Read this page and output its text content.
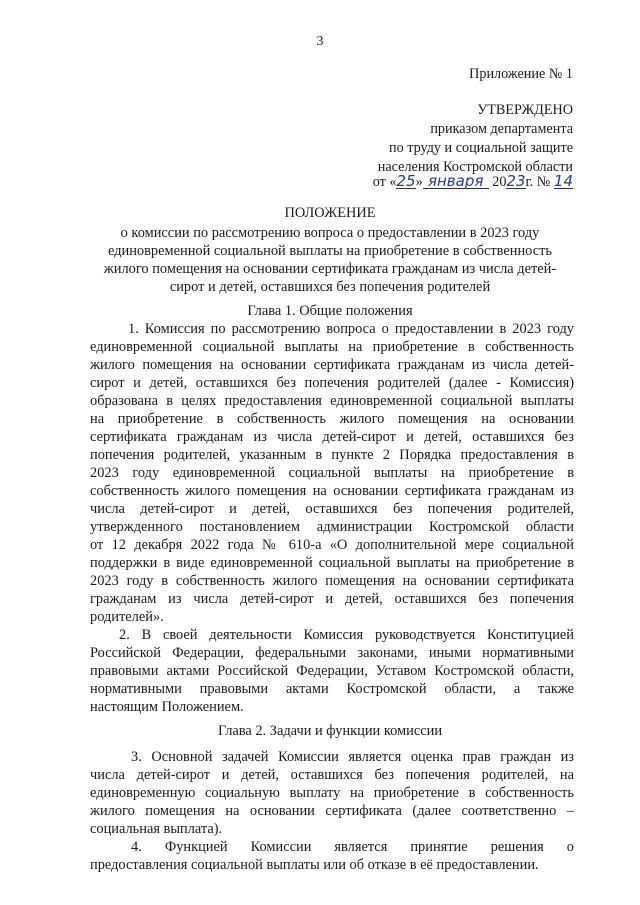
3
Приложение № 1
УТВЕРЖДЕНО
приказом департамента
по труду и социальной защите
населения Костромской области
от «25» января 2023г. № 14
ПОЛОЖЕНИЕ
о комиссии по рассмотрению вопроса о предоставлении в 2023 году
единовременной социальной выплаты на приобретение в собственность
жилого помещения на основании сертификата гражданам из числа детей-
сирот и детей, оставшихся без попечения родителей
Глава 1. Общие положения
1. Комиссия по рассмотрению вопроса о предоставлении в 2023 году
единовременной социальной выплаты на приобретение в собственность
жилого помещения на основании сертификата гражданам из числа детей-
сирот и детей, оставшихся без попечения родителей (далее - Комиссия)
образована в целях предоставления единовременной социальной выплаты
на приобретение в собственность жилого помещения на основании
сертификата гражданам из числа детей-сирот и детей, оставшихся без
попечения родителей, указанным в пункте 2 Порядка предоставления в
2023 году единовременной социальной выплаты на приобретение в
собственность жилого помещения на основании сертификата гражданам из
числа детей-сирот и детей, оставшихся без попечения родителей,
утвержденного постановлением администрации Костромской области
от 12 декабря 2022 года № 610-а «О дополнительной мере социальной
поддержки в виде единовременной социальной выплаты на приобретение в
2023 году в собственность жилого помещения на основании сертификата
гражданам из числа детей-сирот и детей, оставшихся без попечения
родителей».
2. В своей деятельности Комиссия руководствуется Конституцией
Российской Федерации, федеральными законами, иными нормативными
правовыми актами Российской Федерации, Уставом Костромской области,
нормативными правовыми актами Костромской области, а также
настоящим Положением.
Глава 2. Задачи и функции комиссии
3. Основной задачей Комиссии является оценка прав граждан из
числа детей-сирот и детей, оставшихся без попечения родителей, на
единовременную социальную выплату на приобретение в собственность
жилого помещения на основании сертификата (далее соответственно –
социальная выплата).
4. Функцией Комиссии является принятие решения о
предоставления социальной выплаты или об отказе в её предоставлении.
